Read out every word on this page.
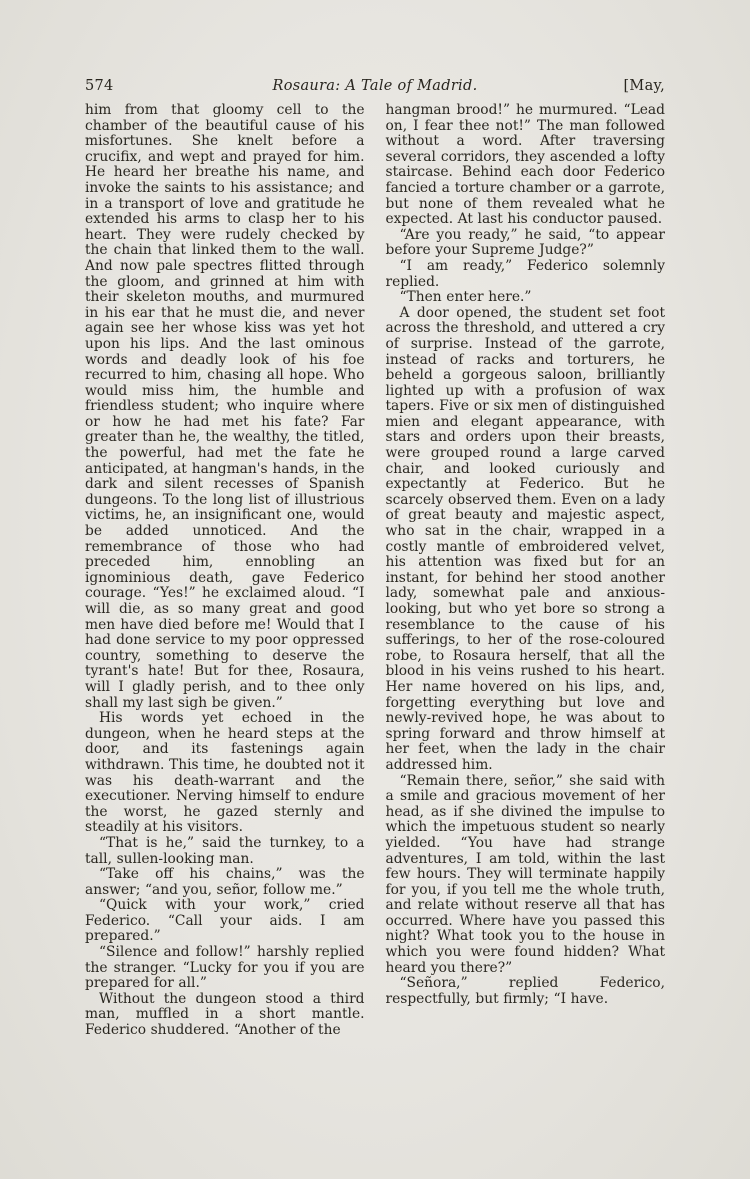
574	Rosaura: A Tale of Madrid.	[May,

him from that gloomy cell to the chamber of the beautiful cause of his misfortunes. She knelt before a crucifix, and wept and prayed for him. He heard her breathe his name, and invoke the saints to his assistance; and in a transport of love and gratitude he extended his arms to clasp her to his heart. They were rudely checked by the chain that linked them to the wall. And now pale spectres flitted through the gloom, and grinned at him with their skeleton mouths, and murmured in his ear that he must die, and never again see her whose kiss was yet hot upon his lips. And the last ominous words and deadly look of his foe recurred to him, chasing all hope. Who would miss him, the humble and friendless student; who inquire where or how he had met his fate? Far greater than he, the wealthy, the titled, the powerful, had met the fate he anticipated, at hangman's hands, in the dark and silent recesses of Spanish dungeons. To the long list of illustrious victims, he, an insignificant one, would be added unnoticed. And the remembrance of those who had preceded him, ennobling an ignominious death, gave Federico courage. “Yes!” he exclaimed aloud. “I will die, as so many great and good men have died before me! Would that I had done service to my poor oppressed country, something to deserve the tyrant's hate! But for thee, Rosaura, will I gladly perish, and to thee only shall my last sigh be given.”

His words yet echoed in the dungeon, when he heard steps at the door, and its fastenings again withdrawn. This time, he doubted not it was his death-warrant and the executioner. Nerving himself to endure the worst, he gazed sternly and steadily at his visitors.

“That is he,” said the turnkey, to a tall, sullen-looking man.

“Take off his chains,” was the answer; “and you, señor, follow me.”

“Quick with your work,” cried Federico. “Call your aids. I am prepared.”

“Silence and follow!” harshly replied the stranger. “Lucky for you if you are prepared for all.”

Without the dungeon stood a third man, muffled in a short mantle. Federico shuddered. “Another of the

hangman brood!” he murmured. “Lead on, I fear thee not!” The man followed without a word. After traversing several corridors, they ascended a lofty staircase. Behind each door Federico fancied a torture chamber or a garrote, but none of them revealed what he expected. At last his conductor paused.

“Are you ready,” he said, “to appear before your Supreme Judge?”

“I am ready,” Federico solemnly replied.

“Then enter here.”

A door opened, the student set foot across the threshold, and uttered a cry of surprise. Instead of the garrote, instead of racks and torturers, he beheld a gorgeous saloon, brilliantly lighted up with a profusion of wax tapers. Five or six men of distinguished mien and elegant appearance, with stars and orders upon their breasts, were grouped round a large carved chair, and looked curiously and expectantly at Federico. But he scarcely observed them. Even on a lady of great beauty and majestic aspect, who sat in the chair, wrapped in a costly mantle of embroidered velvet, his attention was fixed but for an instant, for behind her stood another lady, somewhat pale and anxious-looking, but who yet bore so strong a resemblance to the cause of his sufferings, to her of the rose-coloured robe, to Rosaura herself, that all the blood in his veins rushed to his heart. Her name hovered on his lips, and, forgetting everything but love and newly-revived hope, he was about to spring forward and throw himself at her feet, when the lady in the chair addressed him.

“Remain there, señor,” she said with a smile and gracious movement of her head, as if she divined the impulse to which the impetuous student so nearly yielded. “You have had strange adventures, I am told, within the last few hours. They will terminate happily for you, if you tell me the whole truth, and relate without reserve all that has occurred. Where have you passed this night? What took you to the house in which you were found hidden? What heard you there?”

“Señora,” replied Federico, respectfully, but firmly; “I have.
